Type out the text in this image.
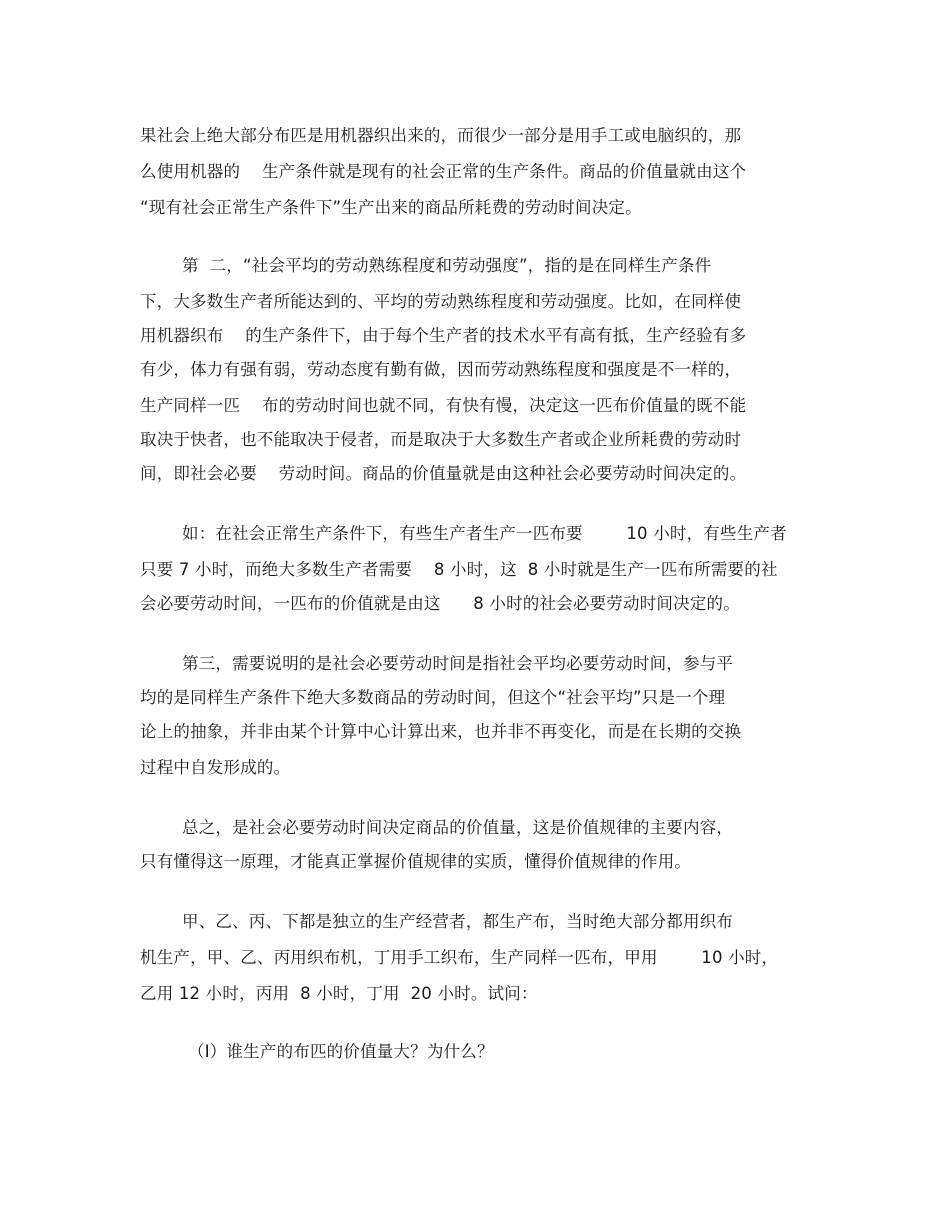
果社会上绝大部分布匹是用机器织出来的，而很少一部分是用手工或电脑织的，那
么使用机器的    生产条件就是现有的社会正常的生产条件。商品的价值量就由这个
“现有社会正常生产条件下”生产出来的商品所耗费的劳动时间决定。
第  二，“社会平均的劳动熟练程度和劳动强度”，指的是在同样生产条件
下，大多数生产者所能达到的、平均的劳动熟练程度和劳动强度。比如，在同样使
用机器织布    的生产条件下，由于每个生产者的技术水平有高有抵，生产经验有多
有少，体力有强有弱，劳动态度有勤有做，因而劳动熟练程度和强度是不一样的，
生产同样一匹    布的劳动时间也就不同，有快有慢，决定这一匹布价值量的既不能
取决于快者，也不能取决于侵者，而是取决于大多数生产者或企业所耗费的劳动时
间，即社会必要    劳动时间。商品的价值量就是由这种社会必要劳动时间决定的。
如：在社会正常生产条件下，有些生产者生产一匹布要        10 小时，有些生产者
只要 7 小时，而绝大多数生产者需要    8 小时，这  8 小时就是生产一匹布所需要的社
会必要劳动时间，一匹布的价值就是由这      8 小时的社会必要劳动时间决定的。
第三，需要说明的是社会必要劳动时间是指社会平均必要劳动时间，参与平
均的是同样生产条件下绝大多数商品的劳动时间，但这个“社会平均”只是一个理
论上的抽象，并非由某个计算中心计算出来，也并非不再变化，而是在长期的交换
过程中自发形成的。
总之，是社会必要劳动时间决定商品的价值量，这是价值规律的主要内容，
只有懂得这一原理，才能真正掌握价值规律的实质，懂得价值规律的作用。
甲、乙、丙、下都是独立的生产经营者，都生产布，当时绝大部分都用织布
机生产，甲、乙、丙用织布机，丁用手工织布，生产同样一匹布，甲用        10 小时，
乙用 12 小时，丙用  8 小时，丁用  20 小时。试问：
（I）谁生产的布匹的价值量大？为什么？
